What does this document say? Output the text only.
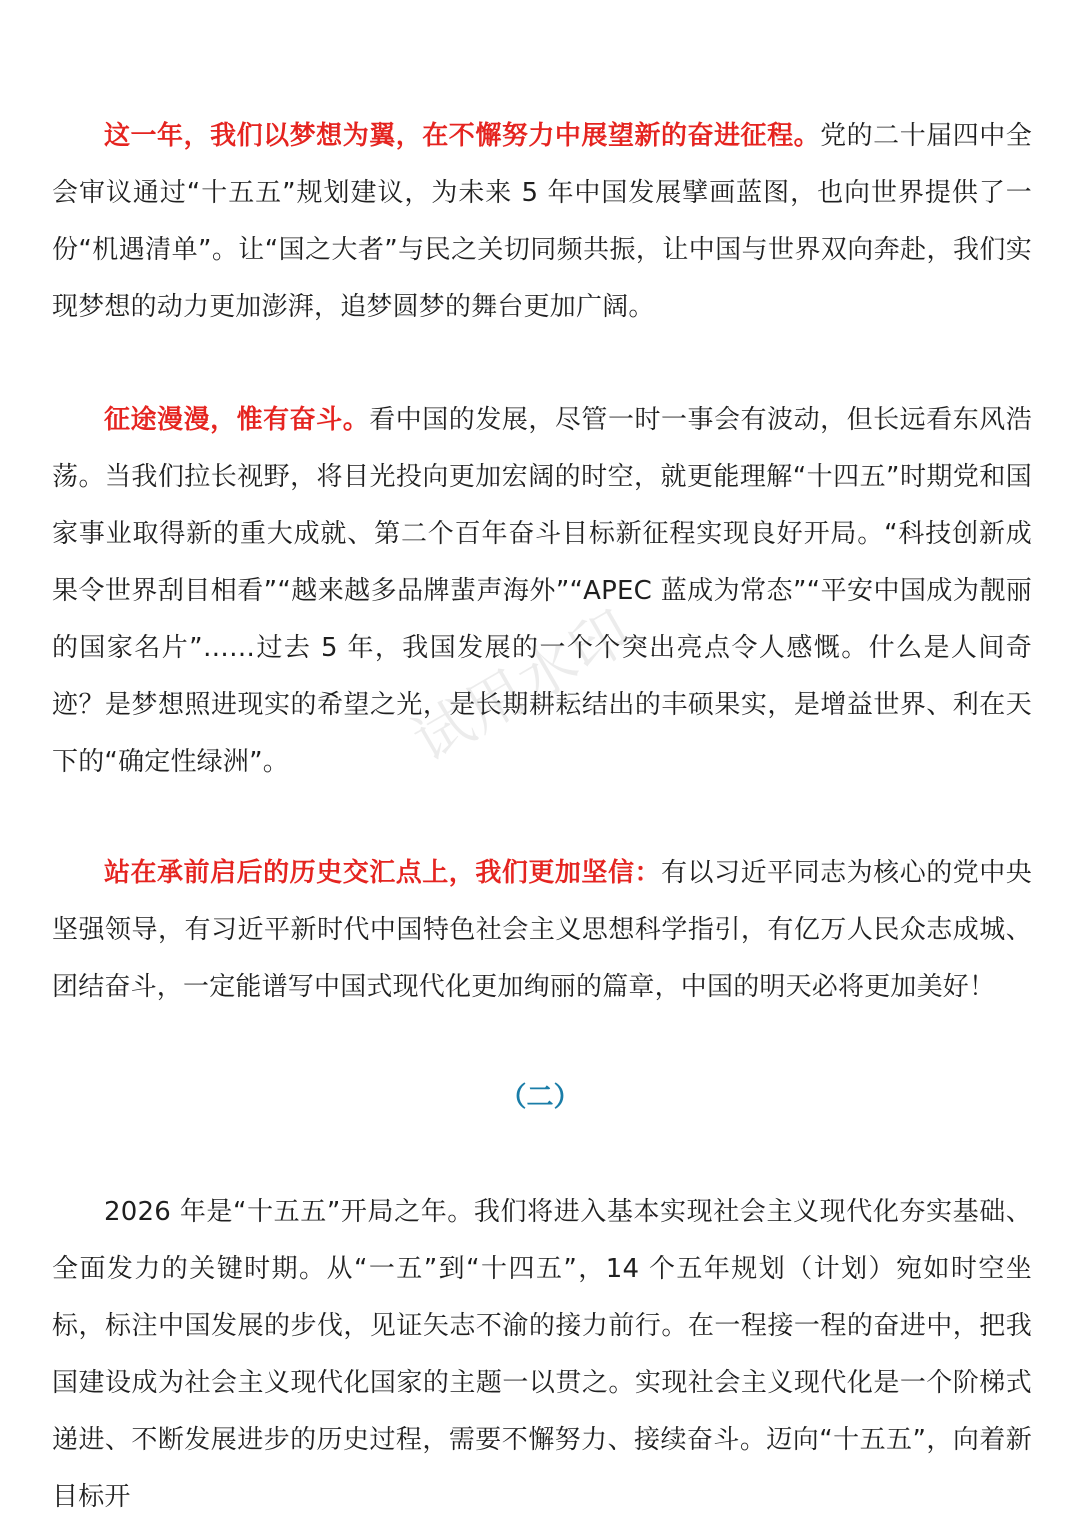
这一年，我们以梦想为翼，在不懈努力中展望新的奋进征程。党的二十届四中全会审议通过“十五五”规划建议，为未来 5 年中国发展擘画蓝图，也向世界提供了一份“机遇清单”。让“国之大者”与民之关切同频共振，让中国与世界双向奔赴，我们实现梦想的动力更加澎湃，追梦圆梦的舞台更加广阔。

征途漫漫，惟有奋斗。看中国的发展，尽管一时一事会有波动，但长远看东风浩荡。当我们拉长视野，将目光投向更加宏阔的时空，就更能理解“十四五”时期党和国家事业取得新的重大成就、第二个百年奋斗目标新征程实现良好开局。“科技创新成果令世界刮目相看”“越来越多品牌蜚声海外”“APEC 蓝成为常态”“平安中国成为靓丽的国家名片”……过去 5 年，我国发展的一个个突出亮点令人感慨。什么是人间奇迹？是梦想照进现实的希望之光，是长期耕耘结出的丰硕果实，是增益世界、利在天下的“确定性绿洲”。

站在承前启后的历史交汇点上，我们更加坚信：有以习近平同志为核心的党中央坚强领导，有习近平新时代中国特色社会主义思想科学指引，有亿万人民众志成城、团结奋斗，一定能谱写中国式现代化更加绚丽的篇章，中国的明天必将更加美好！

（二）

2026 年是“十五五”开局之年。我们将进入基本实现社会主义现代化夯实基础、全面发力的关键时期。从“一五”到“十四五”，14 个五年规划（计划）宛如时空坐标，标注中国发展的步伐，见证矢志不渝的接力前行。在一程接一程的奋进中，把我国建设成为社会主义现代化国家的主题一以贯之。实现社会主义现代化是一个阶梯式递进、不断发展进步的历史过程，需要不懈努力、接续奋斗。迈向“十五五”，向着新目标开

试用水印
